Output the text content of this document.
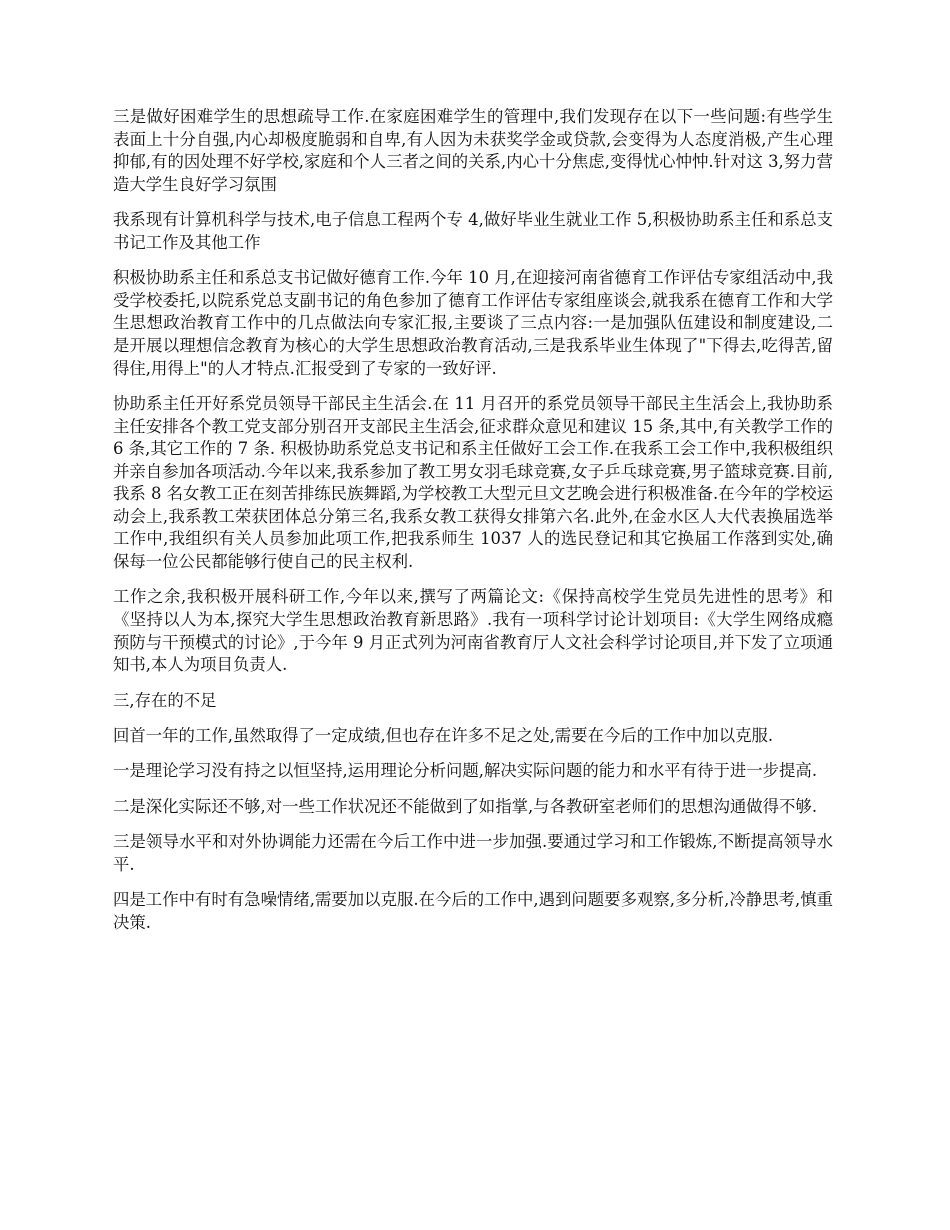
三是做好困难学生的思想疏导工作.在家庭困难学生的管理中,我们发现存在以下一些问题:有些学生表面上十分自强,内心却极度脆弱和自卑,有人因为未获奖学金或贷款,会变得为人态度消极,产生心理抑郁,有的因处理不好学校,家庭和个人三者之间的关系,内心十分焦虑,变得忧心忡忡.针对这 3,努力营造大学生良好学习氛围

我系现有计算机科学与技术,电子信息工程两个专 4,做好毕业生就业工作 5,积极协助系主任和系总支书记工作及其他工作

积极协助系主任和系总支书记做好德育工作.今年 10 月,在迎接河南省德育工作评估专家组活动中,我受学校委托,以院系党总支副书记的角色参加了德育工作评估专家组座谈会,就我系在德育工作和大学生思想政治教育工作中的几点做法向专家汇报,主要谈了三点内容:一是加强队伍建设和制度建设,二是开展以理想信念教育为核心的大学生思想政治教育活动,三是我系毕业生体现了"下得去,吃得苦,留得住,用得上"的人才特点.汇报受到了专家的一致好评.

协助系主任开好系党员领导干部民主生活会.在 11 月召开的系党员领导干部民主生活会上,我协助系主任安排各个教工党支部分别召开支部民主生活会,征求群众意见和建议 15 条,其中,有关教学工作的 6 条,其它工作的 7 条. 积极协助系党总支书记和系主任做好工会工作.在我系工会工作中,我积极组织并亲自参加各项活动.今年以来,我系参加了教工男女羽毛球竞赛,女子乒乓球竞赛,男子篮球竞赛.目前,我系 8 名女教工正在刻苦排练民族舞蹈,为学校教工大型元旦文艺晚会进行积极准备.在今年的学校运动会上,我系教工荣获团体总分第三名,我系女教工获得女排第六名.此外,在金水区人大代表换届选举工作中,我组织有关人员参加此项工作,把我系师生 1037 人的选民登记和其它换届工作落到实处,确保每一位公民都能够行使自己的民主权利.

工作之余,我积极开展科研工作,今年以来,撰写了两篇论文:《保持高校学生党员先进性的思考》和《坚持以人为本,探究大学生思想政治教育新思路》.我有一项科学讨论计划项目:《大学生网络成瘾预防与干预模式的讨论》,于今年 9 月正式列为河南省教育厅人文社会科学讨论项目,并下发了立项通知书,本人为项目负责人.

三,存在的不足

回首一年的工作,虽然取得了一定成绩,但也存在许多不足之处,需要在今后的工作中加以克服.

一是理论学习没有持之以恒坚持,运用理论分析问题,解决实际问题的能力和水平有待于进一步提高.

二是深化实际还不够,对一些工作状况还不能做到了如指掌,与各教研室老师们的思想沟通做得不够.

三是领导水平和对外协调能力还需在今后工作中进一步加强.要通过学习和工作锻炼,不断提高领导水平.

四是工作中有时有急噪情绪,需要加以克服.在今后的工作中,遇到问题要多观察,多分析,冷静思考,慎重决策.
